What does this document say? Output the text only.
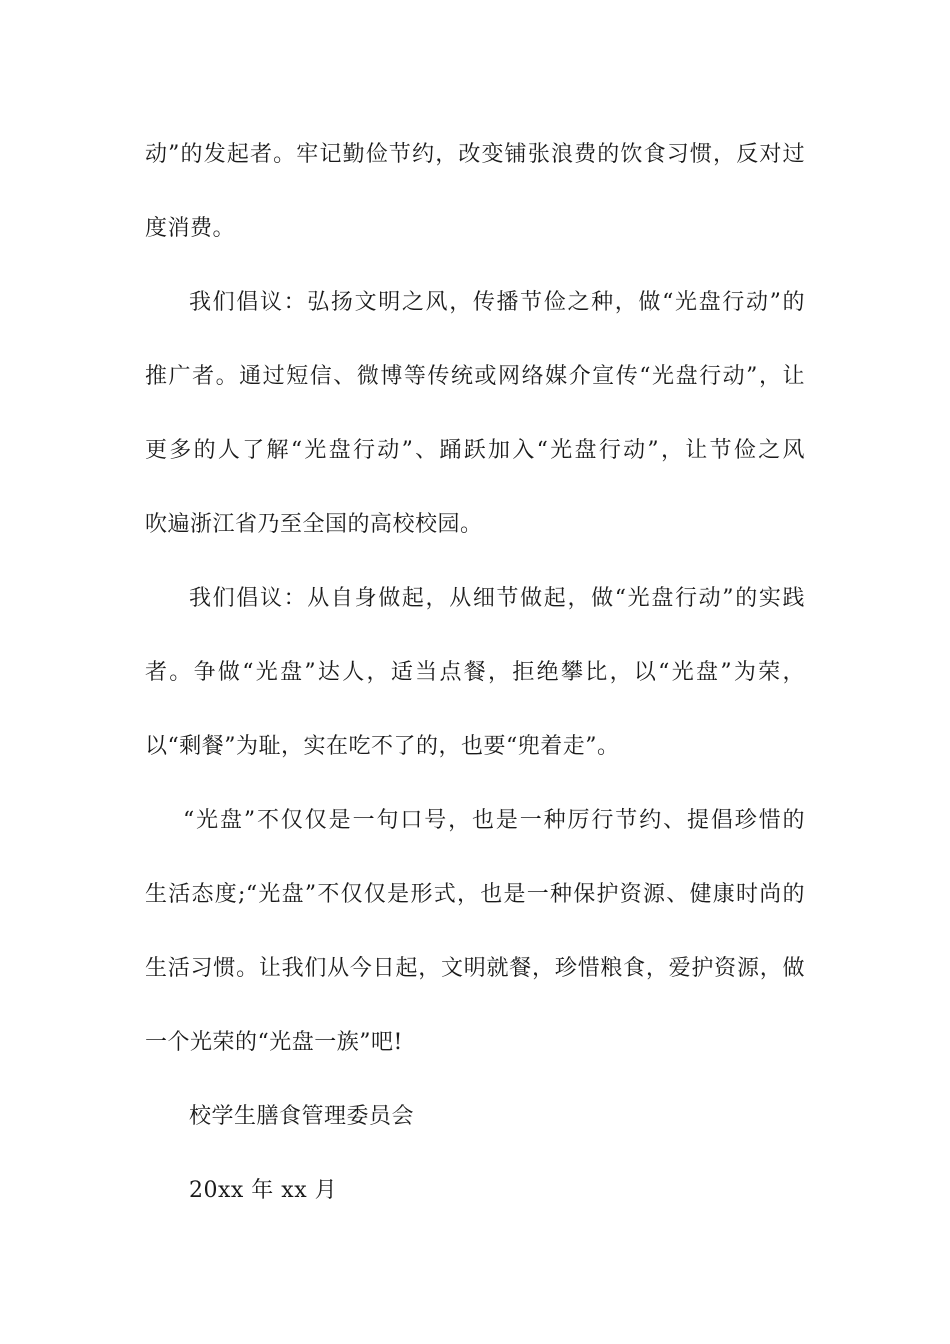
动”的发起者。牢记勤俭节约，改变铺张浪费的饮食习惯，反对过
度消费。
我们倡议：弘扬文明之风，传播节俭之种，做“光盘行动”的
推广者。通过短信、微博等传统或网络媒介宣传“光盘行动”，让
更多的人了解“光盘行动”、踊跃加入“光盘行动”，让节俭之风
吹遍浙江省乃至全国的高校校园。
我们倡议：从自身做起，从细节做起，做“光盘行动”的实践
者。争做“光盘”达人，适当点餐，拒绝攀比，以“光盘”为荣，
以“剩餐”为耻，实在吃不了的，也要“兜着走”。
“光盘”不仅仅是一句口号，也是一种厉行节约、提倡珍惜的
生活态度;“光盘”不仅仅是形式，也是一种保护资源、健康时尚的
生活习惯。让我们从今日起，文明就餐，珍惜粮食，爱护资源，做
一个光荣的“光盘一族”吧!
校学生膳食管理委员会
20xx 年 xx 月
